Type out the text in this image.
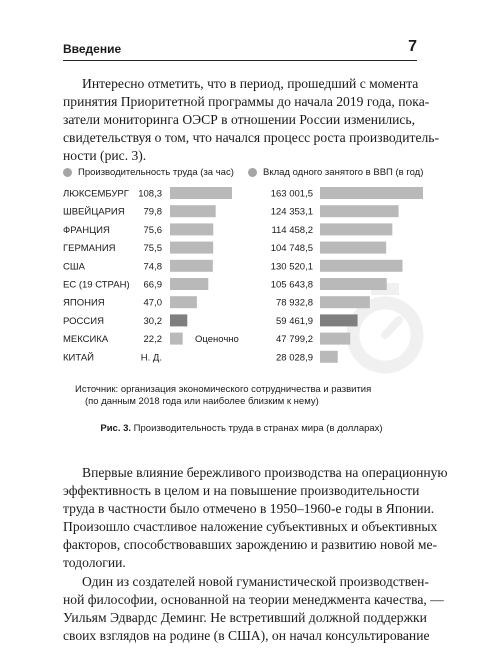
Введение	7
Интересно отметить, что в период, прошедший с момента
принятия Приоритетной программы до начала 2019 года, пока-
затели мониторинга ОЭСР в отношении России изменились,
свидетельствуя о том, что начался процесс роста производитель-
ности (рис. 3).
Производительность труда (за час)	Вклад одного занятого в ВВП (в год)
ЛЮКСЕМБУРГ 108,3	163 001,5
ШВЕЙЦАРИЯ 79,8	124 353,1
ФРАНЦИЯ	75,6	114 458,2
ГЕРМАНИЯ	75,5	104 748,5
США	74,8	130 520,1
ЕС (19 СТРАН) 66,9	105 643,8
ЯПОНИЯ	47,0	78 932,8
РОССИЯ	30,2	59 461,9
МЕКСИКА	22,2	47 799,2
КИТАЙ	Н. Д.	28 028,9
Оценочно
Источник: организация экономического сотрудничества и развития
(по данным 2018 года или наиболее близким к нему)
Рис. 3. Производительность труда в странах мира (в долларах)
Впервые влияние бережливого производства на операционную
эффективность в целом и на повышение производительности
труда в частности было отмечено в 1950–1960-е годы в Японии.
Произошло счастливое наложение субъективных и объективных
факторов, способствовавших зарождению и развитию новой ме-
тодологии.
Один из создателей новой гуманистической производствен-
ной философии, основанной на теории менеджмента качества, —
Уильям Эдвардс Деминг. Не встретивший должной поддержки
своих взглядов на родине (в США), он начал консультирование
